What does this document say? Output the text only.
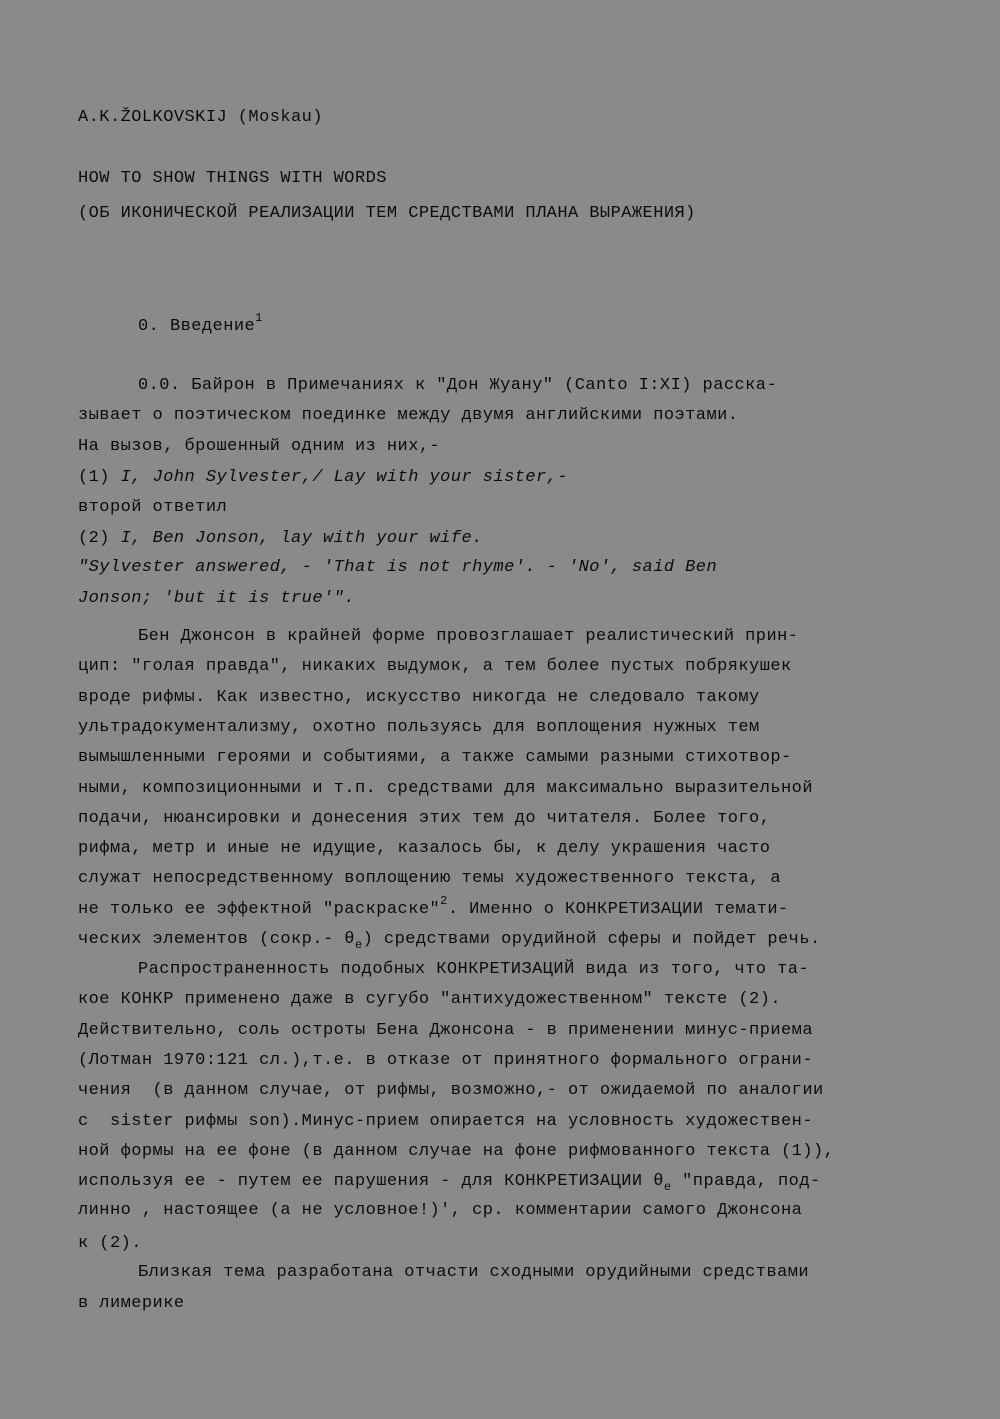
A.K.ŽOLKOVSKIJ (Moskau)
HOW TO SHOW THINGS WITH WORDS
(ОБ ИКОНИЧЕСКОЙ РЕАЛИЗАЦИИ ТЕМ СРЕДСТВАМИ ПЛАНА ВЫРАЖЕНИЯ)
0. Введение$^1$
0.0. Байрон в Примечаниях к "Дон Жуану" (Canto I:XI) расска-
зывает о поэтическом поединке между двумя английскими поэтами.
На вызов, брошенный одним из них,-
(1) I, John Sylvester,/ Lay with your sister,-
второй ответил
(2) I, Ben Jonson, lay with your wife.
"Sylvester answered, - 'That is not rhyme'. - 'No', said Ben
Jonson; 'but it is true'".
Бен Джонсон в крайней форме провозглашает реалистический прин-
цип: "голая правда", никаких выдумок, а тем более пустых побрякушек
вроде рифмы. Как известно, искусство никогда не следовало такому
ультрадокументализму, охотно пользуясь для воплощения нужных тем
вымышленными героями и событиями, а также самыми разными стихотвор-
ными, композиционными и т.п. средствами для максимально выразительной
подачи, нюансировки и донесения этих тем до читателя. Более того,
рифма, метр и иные не идущие, казалось бы, к делу украшения часто
служат непосредственному воплощению темы художественного текста, а
не только ее эффектной "раскраске"$^2$. Именно о КОНКРЕТИЗАЦИИ темати-
ческих элементов (сокр.- $\theta_e$) средствами орудийной сферы и пойдет речь.
Распространенность подобных КОНКРЕТИЗАЦИЙ вида из того, что та-
кое КОНКР применено даже в сугубо "антихудожественном" тексте (2).
Действительно, соль остроты Бена Джонсона - в применении минус-приема
(Лотман 1970:121 сл.),т.е. в отказе от принятного формального ограни-
чения  (в данном случае, от рифмы, возможно,- от ожидаемой по аналогии
с  sister рифмы son).Минус-прием опирается на условность художествен-
ной формы на ее фоне (в данном случае на фоне рифмованного текста (1)),
используя ее - путем ее парушения - для КОНКРЕТИЗАЦИИ $\theta_e$ "правда, под-
линно , настоящее (а не условное!)', ср. комментарии самого Джонсона
к (2).
Близкая тема разработана отчасти сходными орудийными средствами
в лимерике
